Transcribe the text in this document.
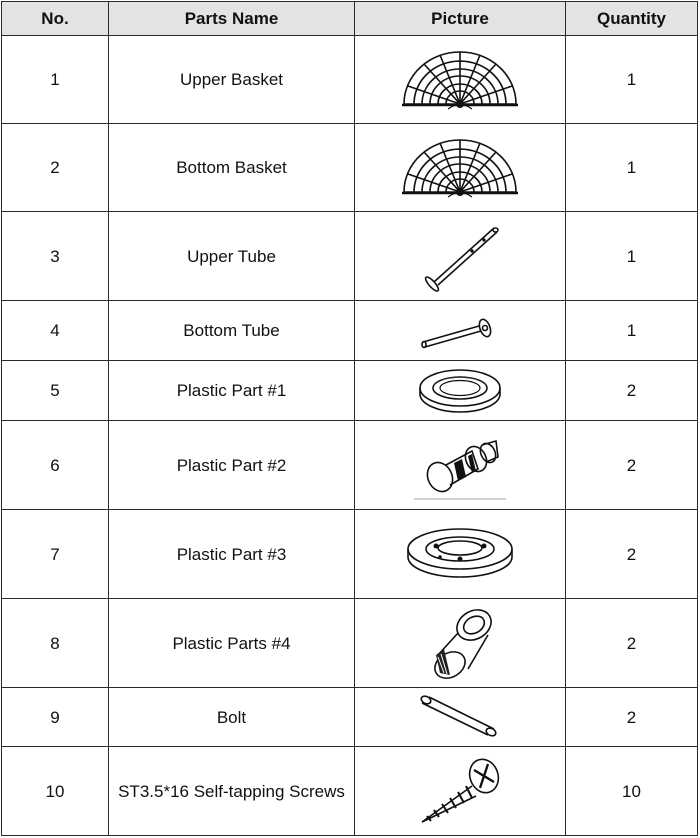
No.	Parts Name	Picture	Quantity
1	Upper Basket		1
2	Bottom Basket		1
3	Upper Tube		1
4	Bottom Tube		1
5	Plastic Part #1		2
6	Plastic Part #2		2
7	Plastic Part #3		2
8	Plastic Parts #4		2
9	Bolt		2
10	ST3.5*16 Self-tapping Screws		10
